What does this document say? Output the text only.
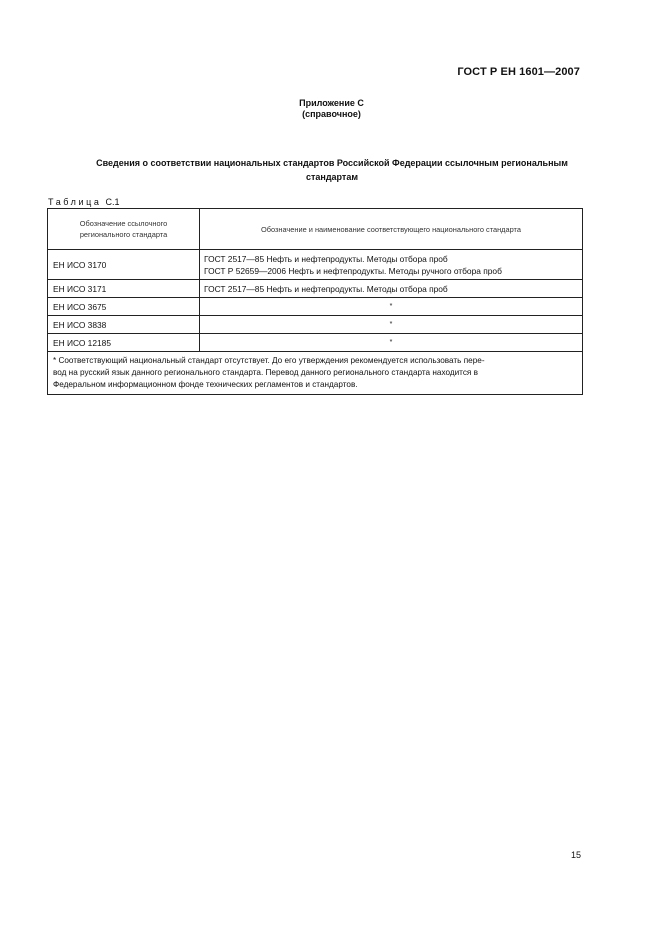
ГОСТ Р ЕН 1601—2007
Приложение С
(справочное)
Сведения о соответствии национальных стандартов Российской Федерации ссылочным региональным
стандартам
Таблица С.1
Обозначение ссылочного
регионального стандарта	Обозначение и наименование соответствующего национального стандарта
ЕН ИСО 3170	ГОСТ 2517—85 Нефть и нефтепродукты. Методы отбора проб
ГОСТ Р 52659—2006 Нефть и нефтепродукты. Методы ручного отбора проб

ЕН ИСО 3171	ГОСТ 2517—85 Нефть и нефтепродукты. Методы отбора проб
ЕН ИСО 3675	*
ЕН ИСО 3838	*
ЕН ИСО 12185	*

* Соответствующий национальный стандарт отсутствует. До его утверждения рекомендуется использовать пере-
вод на русский язык данного регионального стандарта. Перевод данного регионального стандарта находится в
Федеральном информационном фонде технических регламентов и стандартов.	
15
